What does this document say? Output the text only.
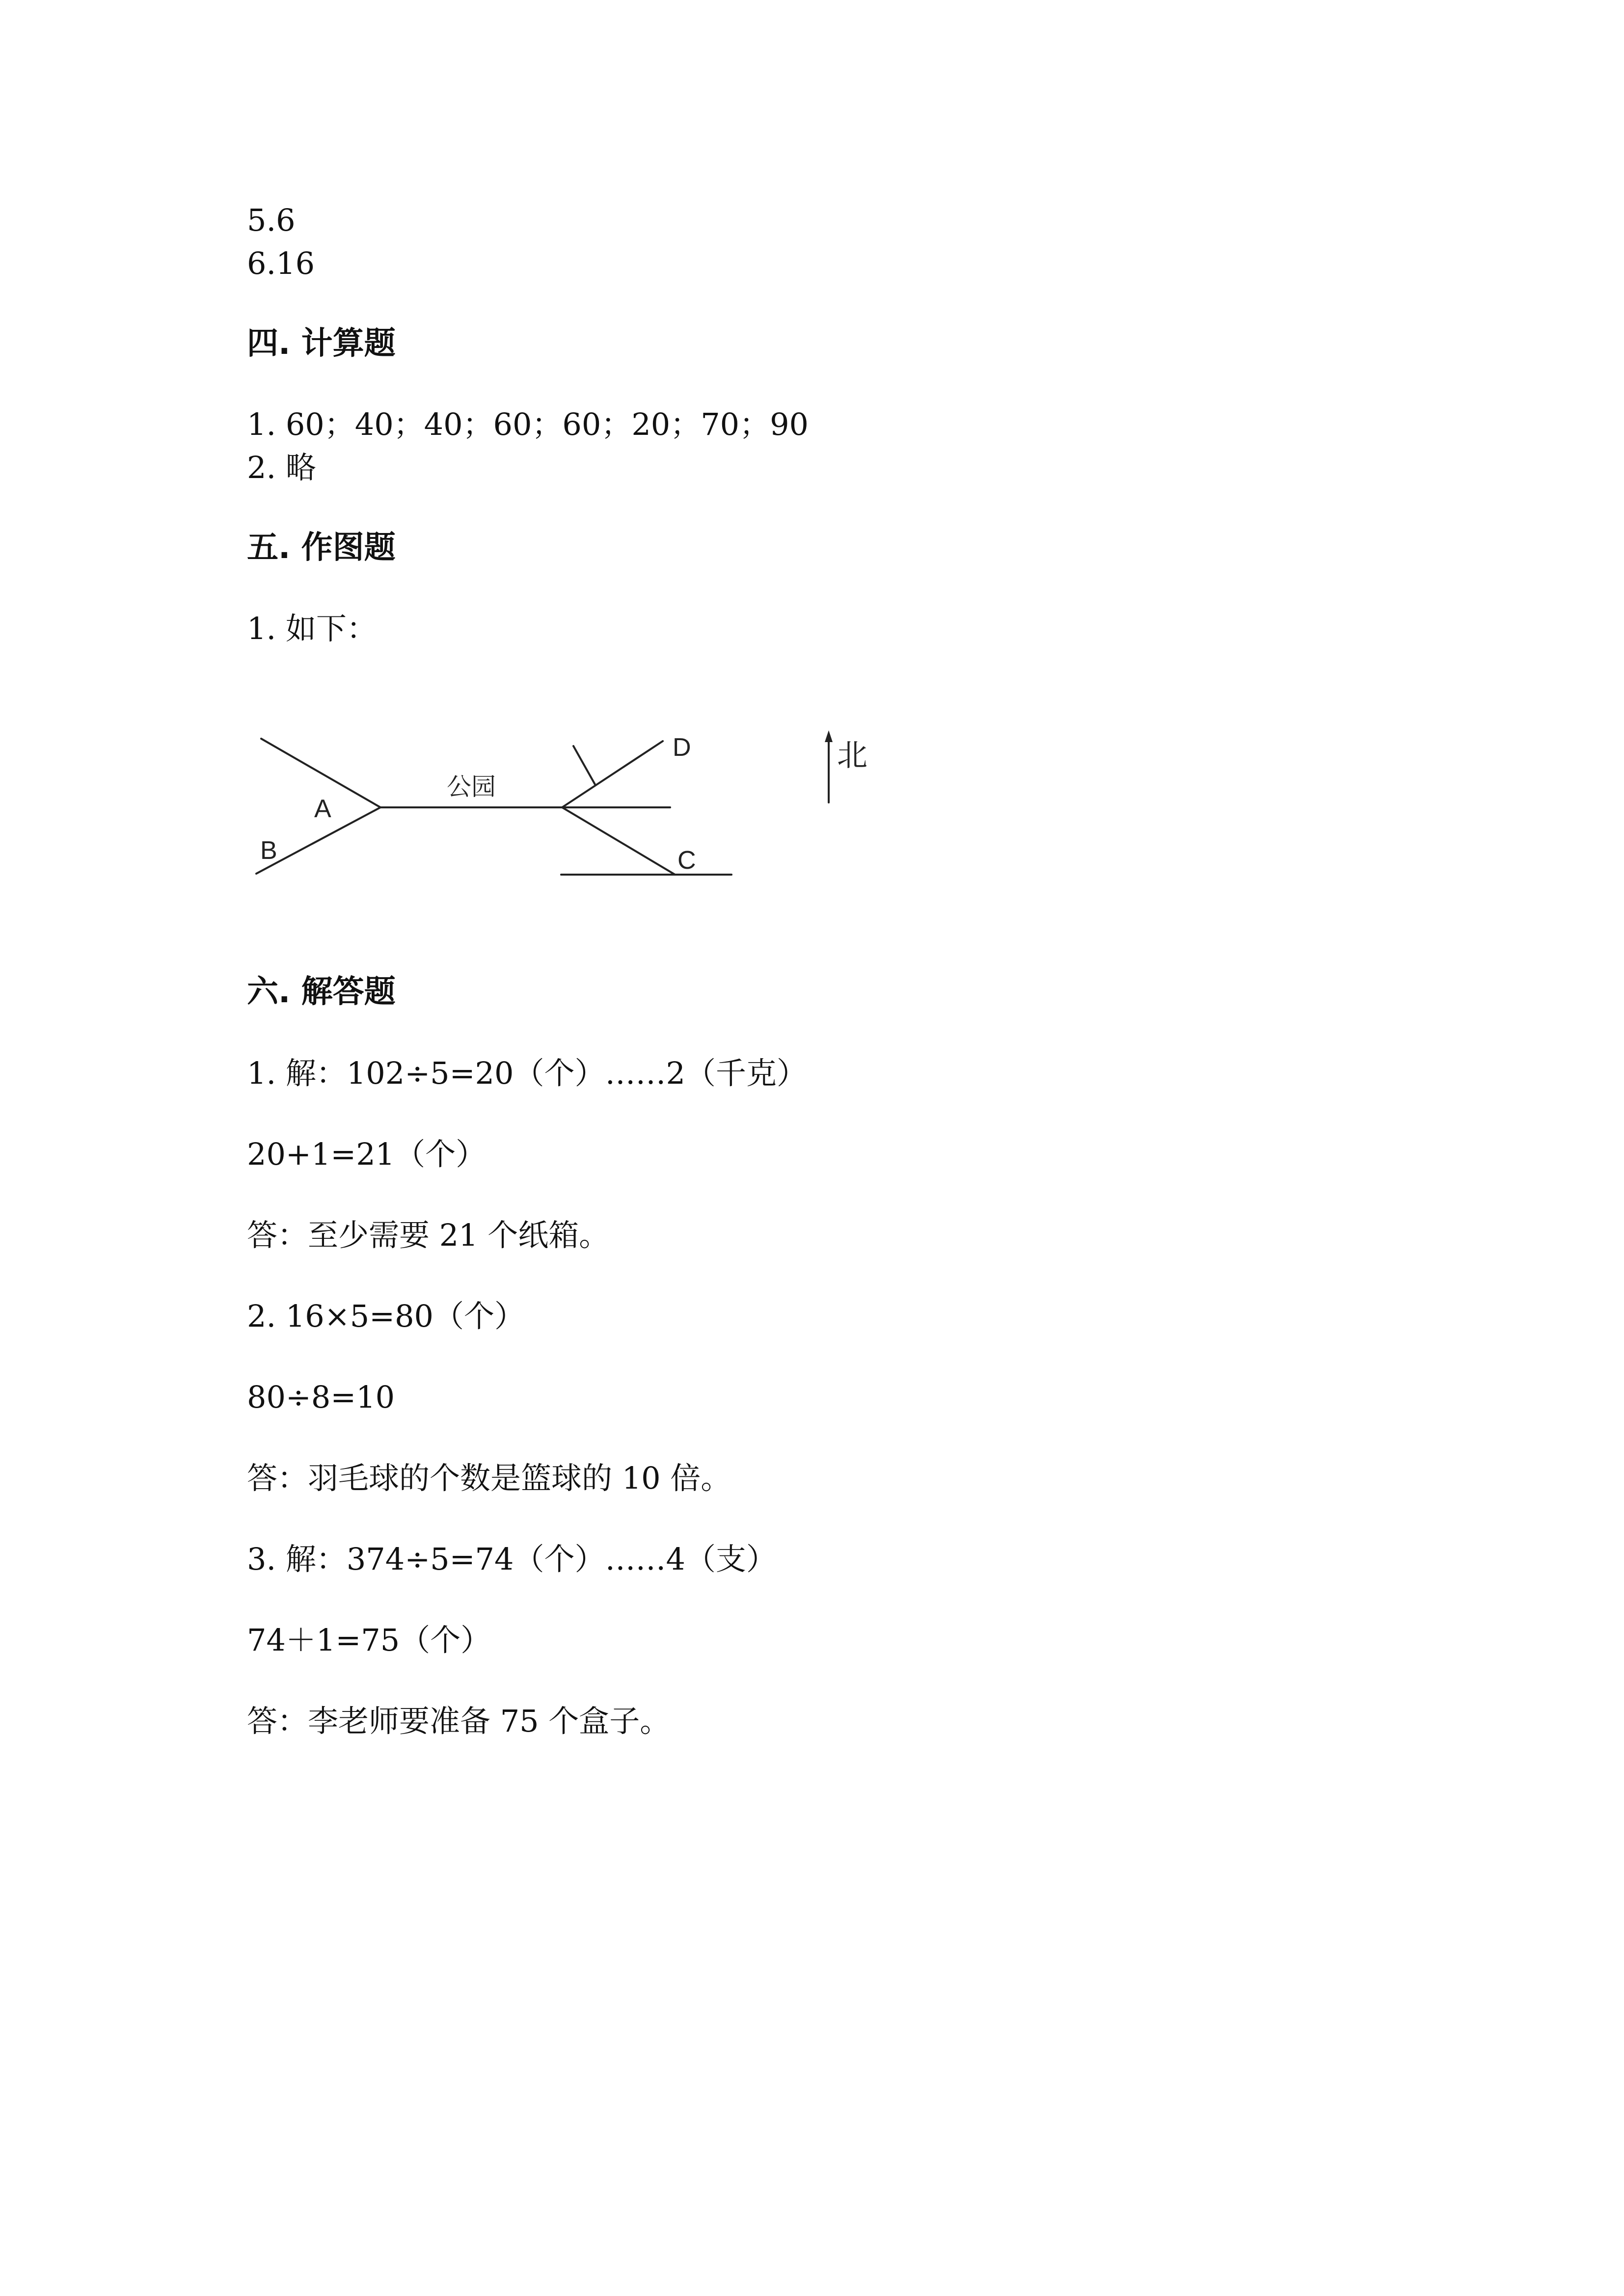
5.6
6.16
四. 计算题
1. 60；40；40；60；60；20；70；90
2. 略
五. 作图题
1. 如下：
公园
A
B
D
C
北
六. 解答题
1. 解：102÷5=20（个）……2（千克）
20+1=21（个）
答：至少需要 21 个纸箱。
2. 16×5=80（个）
80÷8=10
答：羽毛球的个数是篮球的 10 倍。
3. 解：374÷5=74（个）……4（支）
74＋1=75（个）
答：李老师要准备 75 个盒子。
